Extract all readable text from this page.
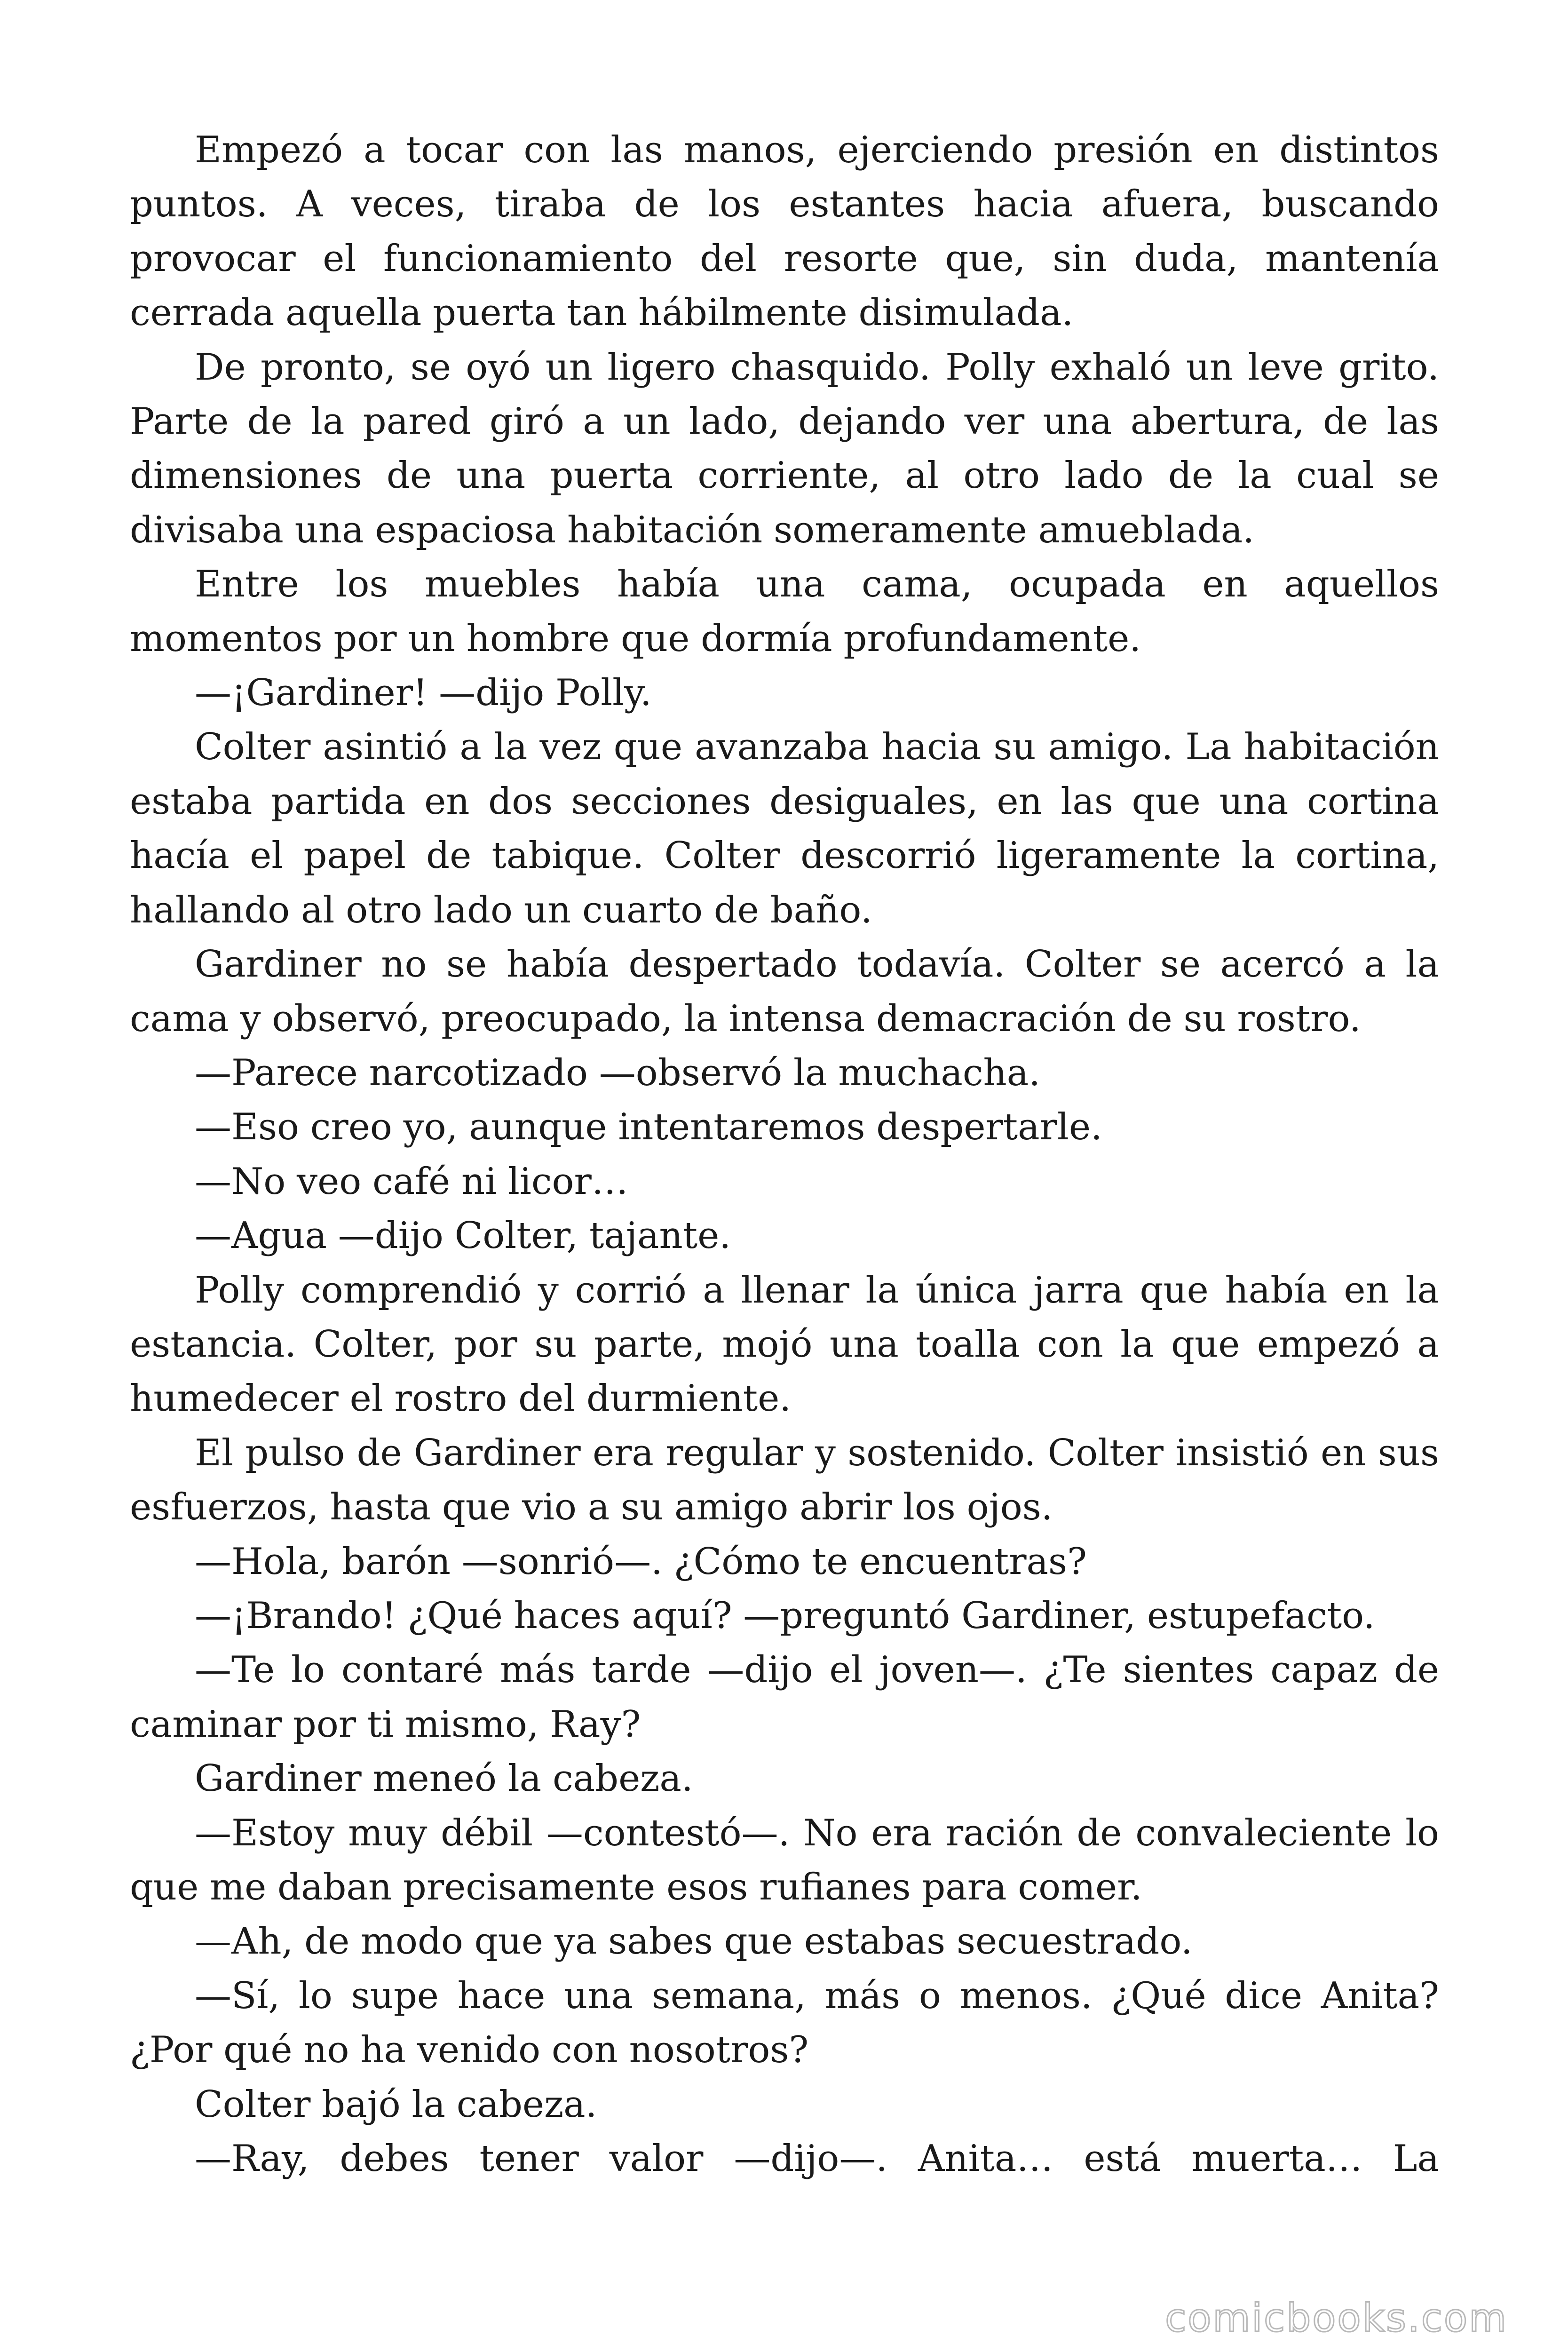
Empezó a tocar con las manos, ejerciendo presión en distintos puntos. A veces, tiraba de los estantes hacia afuera, buscando provocar el funcionamiento del resorte que, sin duda, mantenía cerrada aquella puerta tan hábilmente disimulada.

De pronto, se oyó un ligero chasquido. Polly exhaló un leve grito. Parte de la pared giró a un lado, dejando ver una abertura, de las dimensiones de una puerta corriente, al otro lado de la cual se divisaba una espaciosa habitación someramente amueblada.

Entre los muebles había una cama, ocupada en aquellos momentos por un hombre que dormía profundamente.

—¡Gardiner! —dijo Polly.

Colter asintió a la vez que avanzaba hacia su amigo. La habitación estaba partida en dos secciones desiguales, en las que una cortina hacía el papel de tabique. Colter descorrió ligeramente la cortina, hallando al otro lado un cuarto de baño.

Gardiner no se había despertado todavía. Colter se acercó a la cama y observó, preocupado, la intensa demacración de su rostro.

—Parece narcotizado —observó la muchacha.

—Eso creo yo, aunque intentaremos despertarle.

—No veo café ni licor…

—Agua —dijo Colter, tajante.

Polly comprendió y corrió a llenar la única jarra que había en la estancia. Colter, por su parte, mojó una toalla con la que empezó a humedecer el rostro del durmiente.

El pulso de Gardiner era regular y sostenido. Colter insistió en sus esfuerzos, hasta que vio a su amigo abrir los ojos.

—Hola, barón —sonrió—. ¿Cómo te encuentras?

—¡Brando! ¿Qué haces aquí? —preguntó Gardiner, estupefacto.

—Te lo contaré más tarde —dijo el joven—. ¿Te sientes capaz de caminar por ti mismo, Ray?

Gardiner meneó la cabeza.

—Estoy muy débil —contestó—. No era ración de convaleciente lo que me daban precisamente esos rufianes para comer.

—Ah, de modo que ya sabes que estabas secuestrado.

—Sí, lo supe hace una semana, más o menos. ¿Qué dice Anita? ¿Por qué no ha venido con nosotros?

Colter bajó la cabeza.

—Ray, debes tener valor —dijo—. Anita… está muerta… La

comicbooks.com
